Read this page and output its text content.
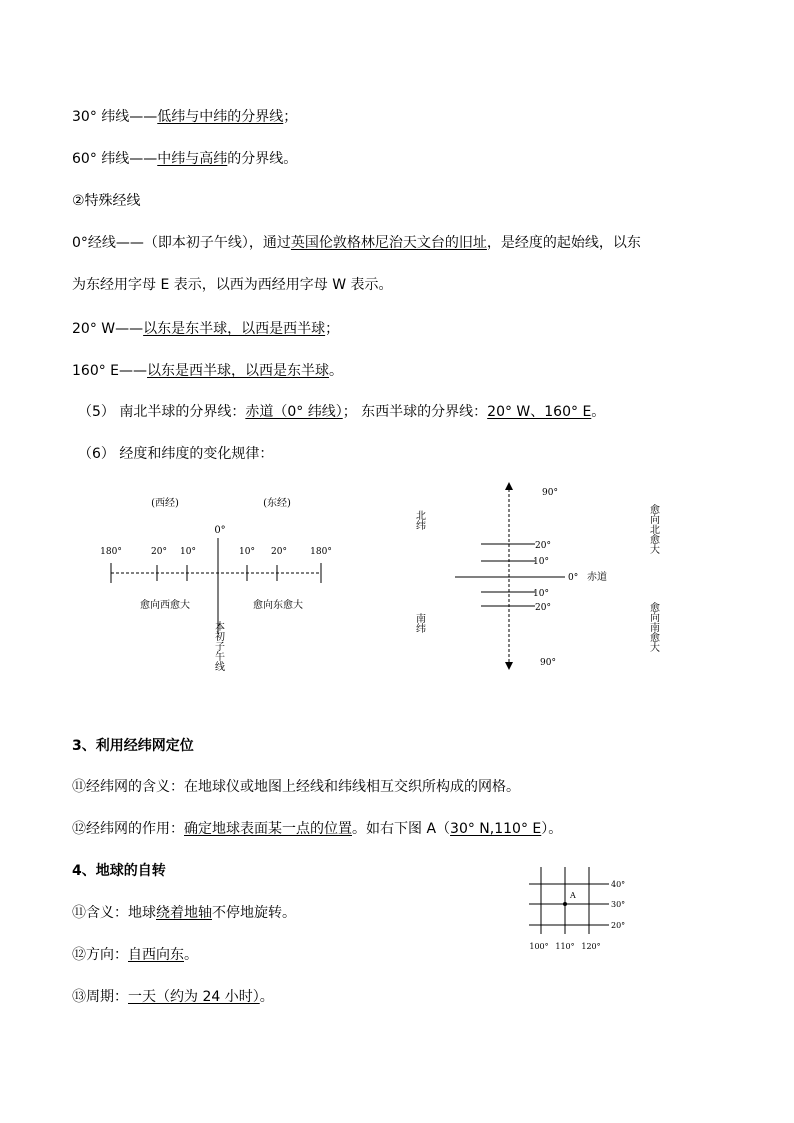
30° 纬线——低纬与中纬的分界线；
60° 纬线——中纬与高纬的分界线。
②特殊经线
0°经线——（即本初子午线），通过英国伦敦格林尼治天文台的旧址，是经度的起始线，以东
为东经用字母 E 表示，以西为西经用字母 W 表示。
20° W——以东是东半球，以西是西半球；
160° E——以东是西半球，以西是东半球。
（5） 南北半球的分界线：赤道（0° 纬线）； 东西半球的分界线：20° W、160° E。
（6） 经度和纬度的变化规律：
(西经)	(东经)
0°
180°	20° 10°	10° 20°	180°
愈向西愈大	愈向东愈大
本初子午线
90°
20°
10°
0° 赤道
10°
20°
90°
北纬
南纬
愈向北愈大
愈向南愈大
3、利用经纬网定位
⑪经纬网的含义：在地球仪或地图上经线和纬线相互交织所构成的网格。
⑫经纬网的作用：确定地球表面某一点的位置。如右下图 A（30° N,110° E）。
4、地球的自转
⑪含义：地球绕着地轴不停地旋转。
⑫方向：自西向东。
⑬周期：一天（约为 24 小时）。
A
40°
30°
20°
100° 110° 120°
